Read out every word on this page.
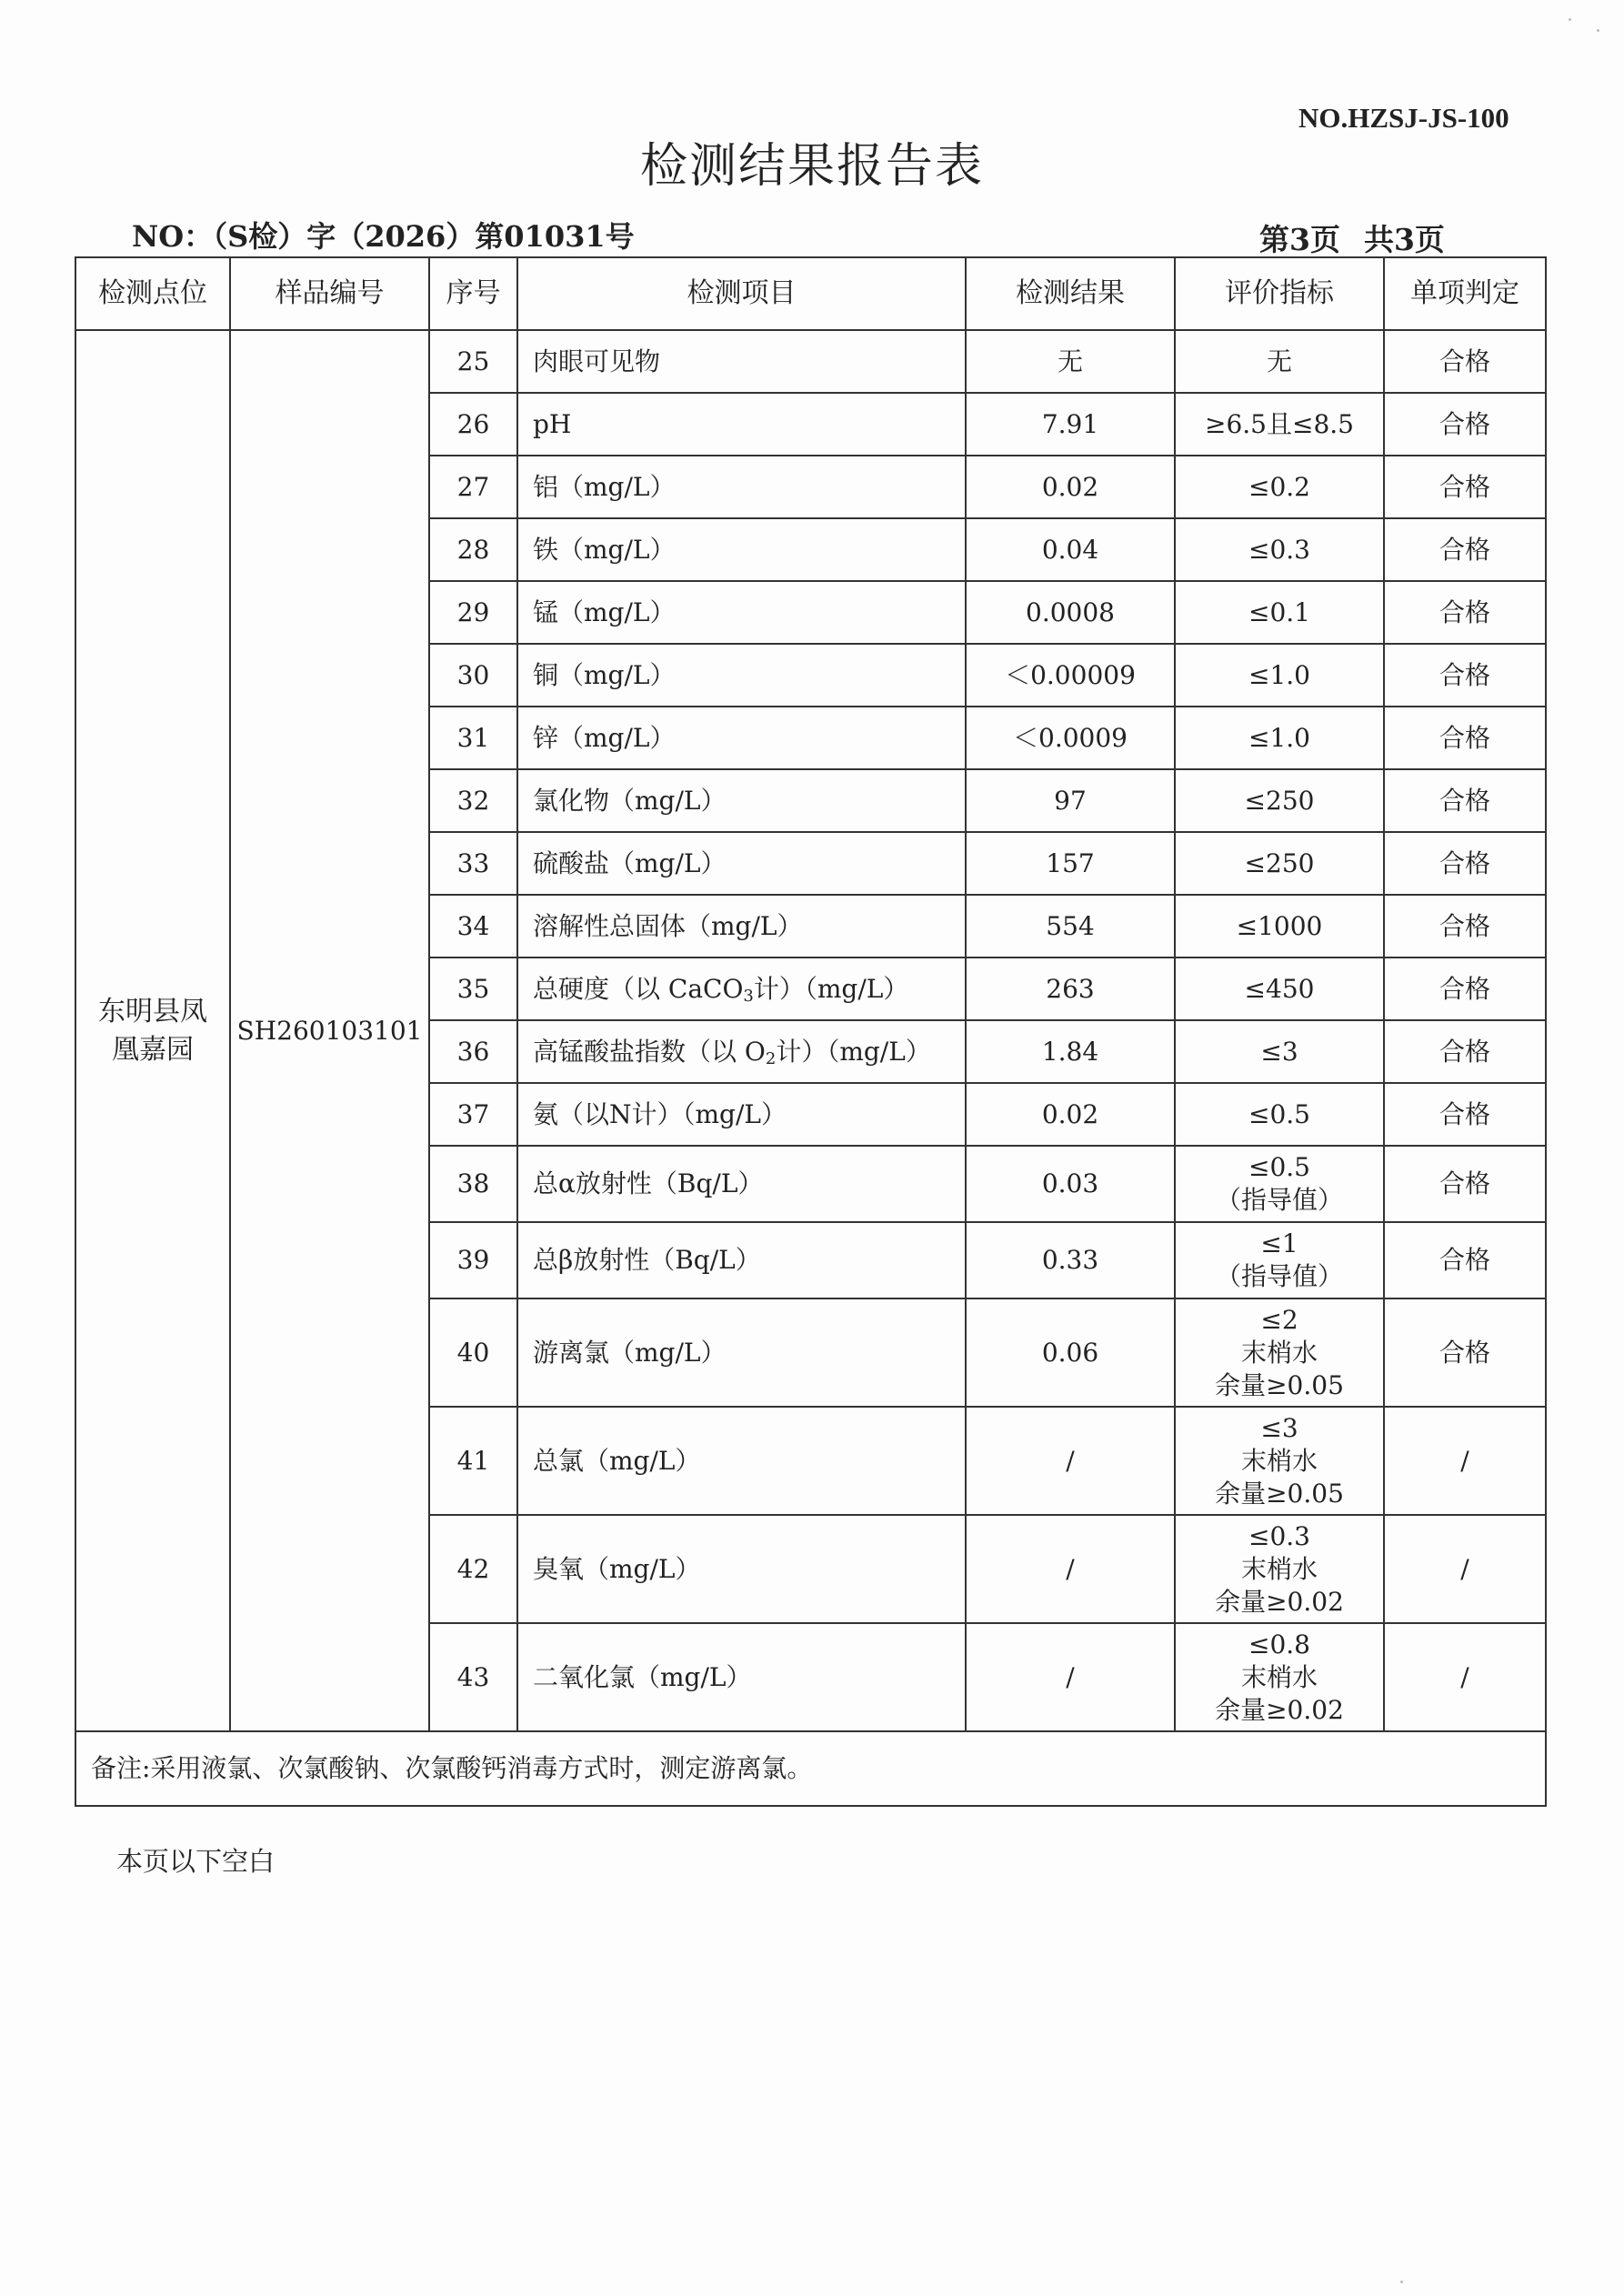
NO.HZSJ-JS-100
检测结果报告表
NO：（S检）字（2026）第01031号	第3页 共3页
检测点位	样品编号	序号	检测项目	检测结果	评价指标	单项判定

东明县凤凰嘉园	SH260103101	25	肉眼可见物	无	无	合格
		26	pH	7.91	≥6.5且≤8.5	合格
		27	铝（mg/L）	0.02	≤0.2	合格
		28	铁（mg/L）	0.04	≤0.3	合格
		29	锰（mg/L）	0.0008	≤0.1	合格
		30	铜（mg/L）	＜0.00009	≤1.0	合格
		31	锌（mg/L）	＜0.0009	≤1.0	合格
		32	氯化物（mg/L）	97	≤250	合格
		33	硫酸盐（mg/L）	157	≤250	合格
		34	溶解性总固体（mg/L）	554	≤1000	合格
		35	总硬度（以 CaCO$_3$计）（mg/L）	263	≤450	合格
		36	高锰酸盐指数（以 $O_2$计）（mg/L）	1.84	≤3	合格
		37	氨（以N计）（mg/L）	0.02	≤0.5	合格
		38	总α放射性（Bq/L）	0.03	≤0.5
（指导值）	合格
		39	总β放射性（Bq/L）	0.33	≤1
（指导值）	合格
		40	游离氯（mg/L）	0.06	≤2
末梢水
余量≥0.05	合格
		41	总氯（mg/L）	/	≤3
末梢水
余量≥0.05	/
		42	臭氧（mg/L）	/	≤0.3
末梢水
余量≥0.02	/
		43	二氧化氯（mg/L）	/	≤0.8
末梢水
余量≥0.02	/
备注:采用液氯、次氯酸钠、次氯酸钙消毒方式时，测定游离氯。						
本页以下空白
